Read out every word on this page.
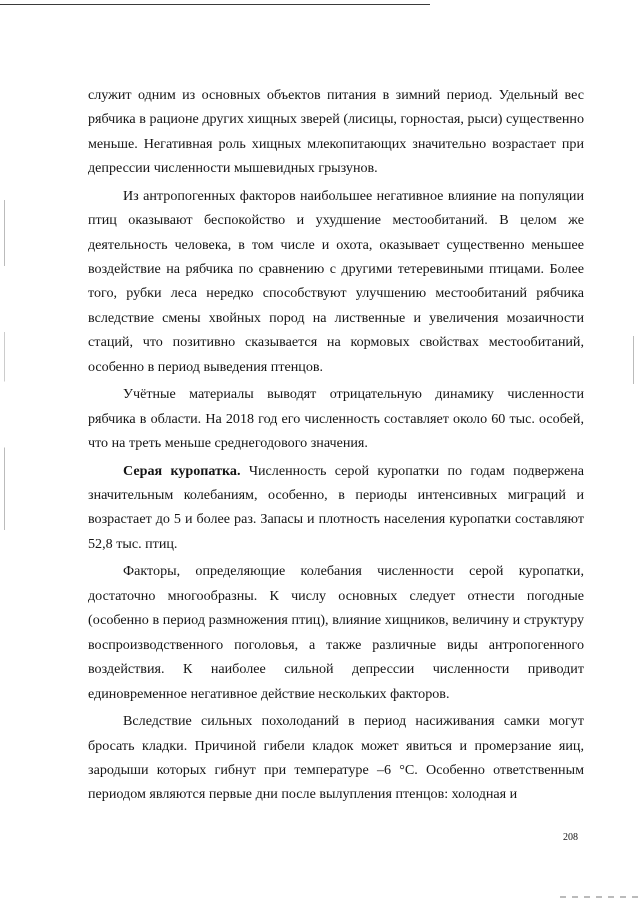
служит одним из основных объектов питания в зимний период. Удельный вес рябчика в рационе других хищных зверей (лисицы, горностая, рыси) существенно меньше. Негативная роль хищных млекопитающих значительно возрастает при депрессии численности мышевидных грызунов.

Из антропогенных факторов наибольшее негативное влияние на популяции птиц оказывают беспокойство и ухудшение местообитаний. В целом же деятельность человека, в том числе и охота, оказывает существенно меньшее воздействие на рябчика по сравнению с другими тетеревиными птицами. Более того, рубки леса нередко способствуют улучшению местообитаний рябчика вследствие смены хвойных пород на лиственные и увеличения мозаичности стаций, что позитивно сказывается на кормовых свойствах местообитаний, особенно в период выведения птенцов.

Учётные материалы выводят отрицательную динамику численности рябчика в области. На 2018 год его численность составляет около 60 тыс. особей, что на треть меньше среднегодового значения.

Серая куропатка. Численность серой куропатки по годам подвержена значительным колебаниям, особенно, в периоды интенсивных миграций и возрастает до 5 и более раз. Запасы и плотность населения куропатки составляют 52,8 тыс. птиц.

Факторы, определяющие колебания численности серой куропатки, достаточно многообразны. К числу основных следует отнести погодные (особенно в период размножения птиц), влияние хищников, величину и структуру воспроизводственного поголовья, а также различные виды антропогенного воздействия. К наиболее сильной депрессии численности приводит единовременное негативное действие нескольких факторов.

Вследствие сильных похолоданий в период насиживания самки могут бросать кладки. Причиной гибели кладок может явиться и промерзание яиц, зародыши которых гибнут при температуре –6 °С. Особенно ответственным периодом являются первые дни после вылупления птенцов: холодная и

208
